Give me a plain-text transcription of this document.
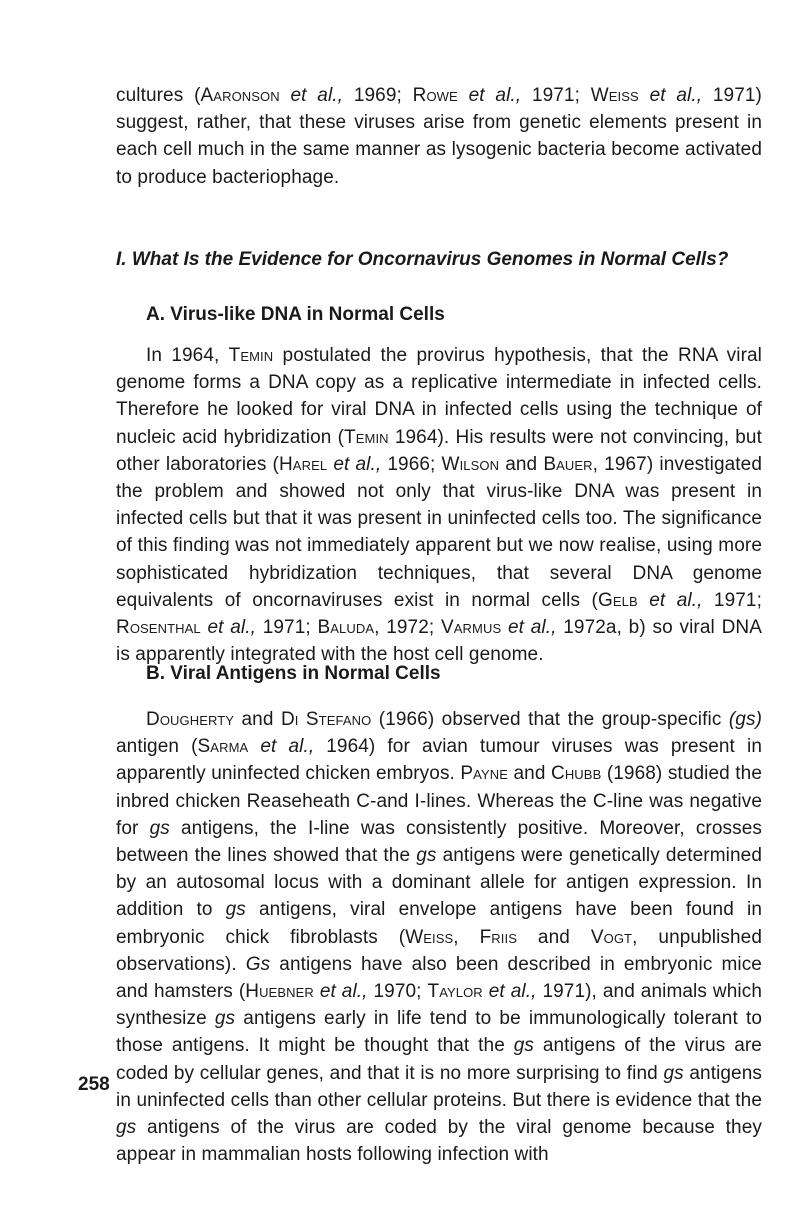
cultures (Aaronson et al., 1969; Rowe et al., 1971; Weiss et al., 1971) suggest, rather, that these viruses arise from genetic elements present in each cell much in the same manner as lysogenic bacteria become activated to produce bacteriophage.

I. What Is the Evidence for Oncornavirus Genomes in Normal Cells?
A. Virus-like DNA in Normal Cells

In 1964, Temin postulated the provirus hypothesis, that the RNA viral genome forms a DNA copy as a replicative intermediate in infected cells. Therefore he looked for viral DNA in infected cells using the technique of nucleic acid hybridization (Temin 1964). His results were not convincing, but other laboratories (Harel et al., 1966; Wilson and Bauer, 1967) investigated the problem and showed not only that virus-like DNA was present in infected cells but that it was present in uninfected cells too. The significance of this finding was not immediately apparent but we now realise, using more sophisticated hybridization techniques, that several DNA genome equivalents of oncornaviruses exist in normal cells (Gelb et al., 1971; Rosenthal et al., 1971; Baluda, 1972; Varmus et al., 1972a, b) so viral DNA is apparently integrated with the host cell genome.

B. Viral Antigens in Normal Cells

Dougherty and Di Stefano (1966) observed that the group-specific (gs) antigen (Sarma et al., 1964) for avian tumour viruses was present in apparently uninfected chicken embryos. Payne and Chubb (1968) studied the inbred chicken Reaseheath C-and I-lines. Whereas the C-line was negative for gs antigens, the I-line was consistently positive. Moreover, crosses between the lines showed that the gs antigens were genetically determined by an autosomal locus with a dominant allele for antigen expression. In addition to gs antigens, viral envelope antigens have been found in embryonic chick fibroblasts (Weiss, Friis and Vogt, unpublished observations). Gs antigens have also been described in embryonic mice and hamsters (Huebner et al., 1970; Taylor et al., 1971), and animals which synthesize gs antigens early in life tend to be immunologically tolerant to those antigens. It might be thought that the gs antigens of the virus are coded by cellular genes, and that it is no more surprising to find gs antigens in uninfected cells than other cellular proteins. But there is evidence that the gs antigens of the virus are coded by the viral genome because they appear in mammalian hosts following infection with

258
